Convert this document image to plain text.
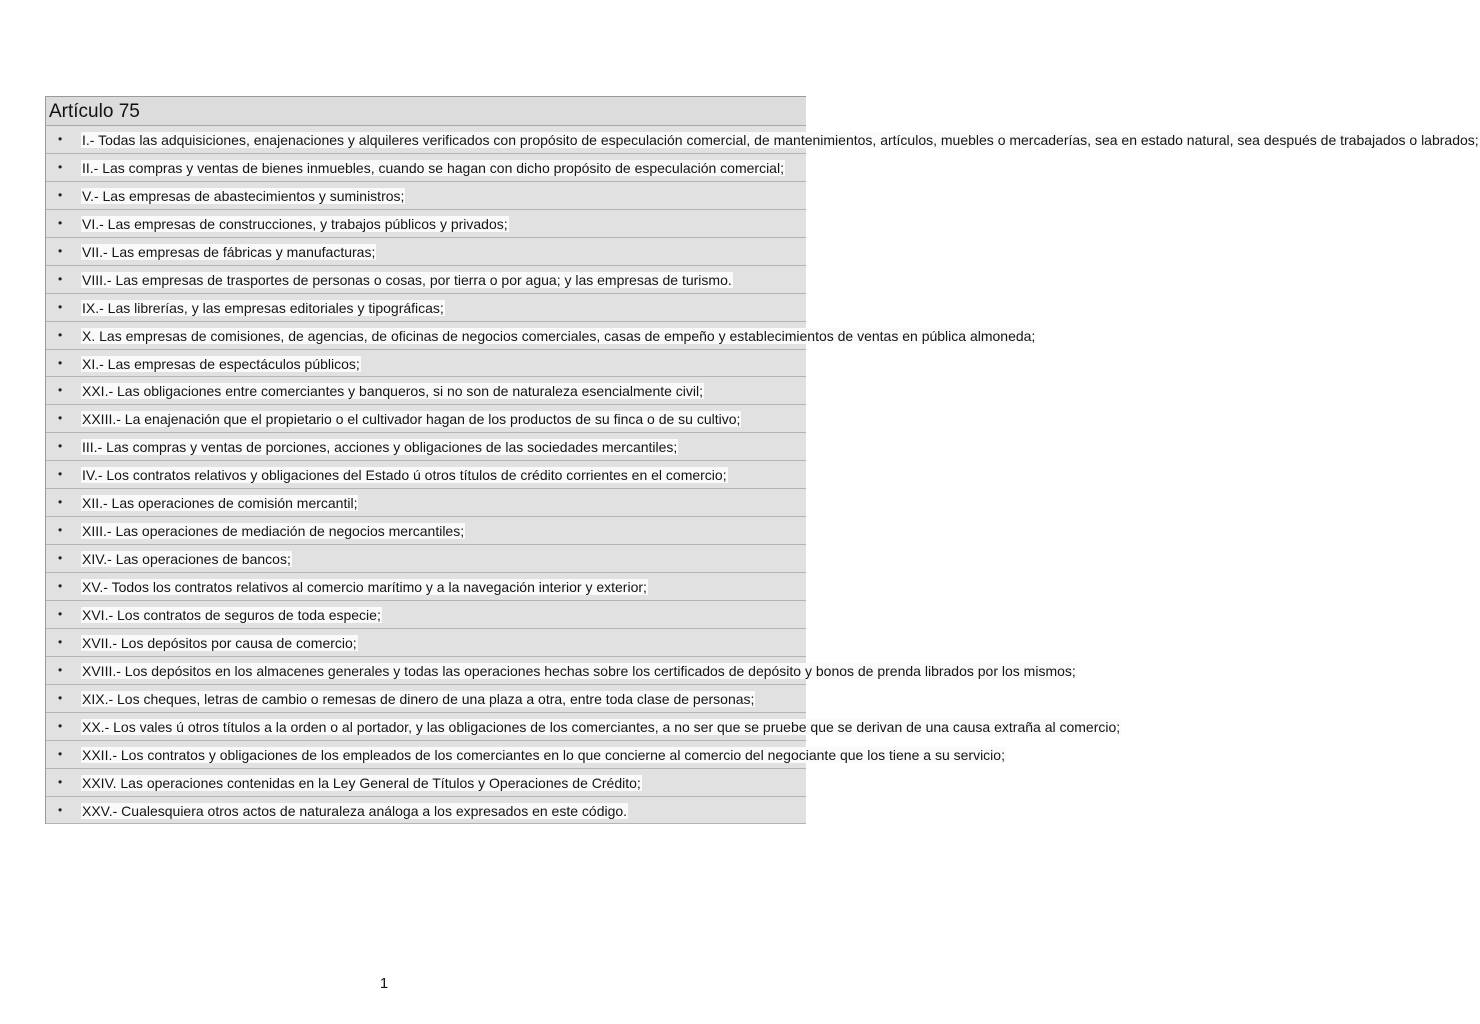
Artículo 75
• I.- Todas las adquisiciones, enajenaciones y alquileres verificados con propósito de especulación comercial, de mantenimientos, artículos, muebles o mercaderías, sea en estado natural, sea después de trabajados o labrados;
• II.- Las compras y ventas de bienes inmuebles, cuando se hagan con dicho propósito de especulación comercial;
• V.- Las empresas de abastecimientos y suministros;
• VI.- Las empresas de construcciones, y trabajos públicos y privados;
• VII.- Las empresas de fábricas y manufacturas;
• VIII.- Las empresas de trasportes de personas o cosas, por tierra o por agua; y las empresas de turismo.
• IX.- Las librerías, y las empresas editoriales y tipográficas;
• X. Las empresas de comisiones, de agencias, de oficinas de negocios comerciales, casas de empeño y establecimientos de ventas en pública almoneda;
• XI.- Las empresas de espectáculos públicos;
• XXI.- Las obligaciones entre comerciantes y banqueros, si no son de naturaleza esencialmente civil;
• XXIII.- La enajenación que el propietario o el cultivador hagan de los productos de su finca o de su cultivo;
• III.- Las compras y ventas de porciones, acciones y obligaciones de las sociedades mercantiles;
• IV.- Los contratos relativos y obligaciones del Estado ú otros títulos de crédito corrientes en el comercio;
• XII.- Las operaciones de comisión mercantil;
• XIII.- Las operaciones de mediación de negocios mercantiles;
• XIV.- Las operaciones de bancos;
• XV.- Todos los contratos relativos al comercio marítimo y a la navegación interior y exterior;
• XVI.- Los contratos de seguros de toda especie;
• XVII.- Los depósitos por causa de comercio;
• XVIII.- Los depósitos en los almacenes generales y todas las operaciones hechas sobre los certificados de depósito y bonos de prenda librados por los mismos;
• XIX.- Los cheques, letras de cambio o remesas de dinero de una plaza a otra, entre toda clase de personas;
• XX.- Los vales ú otros títulos a la orden o al portador, y las obligaciones de los comerciantes, a no ser que se pruebe que se derivan de una causa extraña al comercio;
• XXII.- Los contratos y obligaciones de los empleados de los comerciantes en lo que concierne al comercio del negociante que los tiene a su servicio;
• XXIV. Las operaciones contenidas en la Ley General de Títulos y Operaciones de Crédito;
• XXV.- Cualesquiera otros actos de naturaleza análoga a los expresados en este código.
1
